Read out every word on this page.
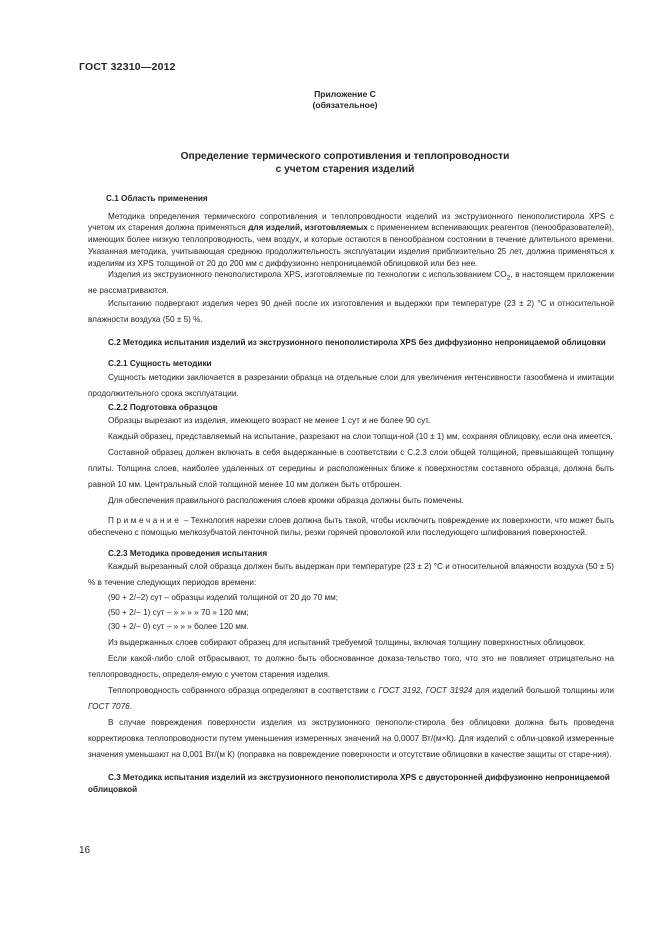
ГОСТ 32310—2012
Приложение С
(обязательное)
Определение термического сопротивления и теплопроводности
с учетом старения изделий
С.1 Область применения

Методика определения термического сопротивления и теплопроводности изделий из экструзионного пенополистирола XPS с учетом их старения должна применяться для изделий, изготовляемых с применением вспенивающих реагентов (пенообразователей), имеющих более низкую теплопроводность, чем воздух, и которые остаются в пенообразном состоянии в течение длительного времени. Указанная методика, учитывающая среднюю продолжительность эксплуатации изделия приблизительно 25 лет, должна применяться к изделиям из XPS толщиной от 20 до 200 мм с диффузионно непроницаемой облицовкой или без нее.

Изделия из экструзионного пенополистирола XPS, изготовляемые по технологии с использованием $CO_2$, в настоящем приложении не рассматриваются.

Испытанию подвергают изделия через 90 дней после их изготовления и выдержки при температуре (23 ± 2) °С и относительной влажности воздуха (50 ± 5) %.

С.2 Методика испытания изделий из экструзионного пенополистирола XPS без диффузионно непроницаемой облицовки
С.2.1 Сущность методики

Сущность методики заключается в разрезании образца на отдельные слои для увеличения интенсивности газообмена и имитации продолжительного срока эксплуатации.

С.2.2 Подготовка образцов

Образцы вырезают из изделия, имеющего возраст не менее 1 сут и не более 90 сут.

Каждый образец, представляемый на испытание, разрезают на слои толщи-ной (10 ± 1) мм, сохраняя облицовку, если она имеется.

Составной образец должен включать в себя выдержанные в соответствии с С.2.3 слои общей толщиной, превышающей толщину плиты. Толщина слоев, наиболее удаленных от середины и расположенных ближе к поверхностям составного образца, должна быть равной 10 мм. Центральный слой толщиной менее 10 мм должен быть отброшен.

Для обеспечения правильного расположения слоев кромки образца должны быть помечены.

Примечание – Технология нарезки слоев должна быть такой, чтобы исключить повреждение их поверхности, что может быть обеспечено с помощью мелкозубчатой ленточной пилы, резки горячей проволокой или последующего шлифования поверхностей.

С.2.3 Методика проведения испытания

Каждый вырезанный слой образца должен быть выдержан при температуре (23 ± 2) °С и относительной влажности воздуха (50 ± 5) % в течение следующих периодов времени:

(90 + 2/−2) сут – образцы изделий толщиной от 20 до 70 мм;

(50 + 2/− 1) сут – » » » » 70 » 120 мм;

(30 + 2/− 0) сут – » » » более 120 мм.

Из выдержанных слоев собирают образец для испытаний требуемой толщины, включая толщину поверхностных облицовок.

Если какой-либо слой отбрасывают, то должно быть обоснованное доказа-тельство того, что это не повлияет отрицательно на теплопроводность, определя-емую с учетом старения изделия.

Теплопроводность собранного образца определяют в соответствии с ГОСТ 3192, ГОСТ 31924 для изделий большой толщины или ГОСТ 7076.

В случае повреждения поверхности изделия из экструзионного пенополи-стирола без облицовки должна быть проведена корректировка теплопроводности путем уменьшения измеренных значений на 0,0007 Вт/(м×К). Для изделий с обли-цовкой измеренные значения уменьшают на 0,001 Вт/(м К) (поправка на повреждение поверхности и отсутствие облицовки в качестве защиты от старе-ния).

С.3 Методика испытания изделий из экструзионного пенополистирола XPS с двусторонней диффузионно непроницаемой облицовкой
16
